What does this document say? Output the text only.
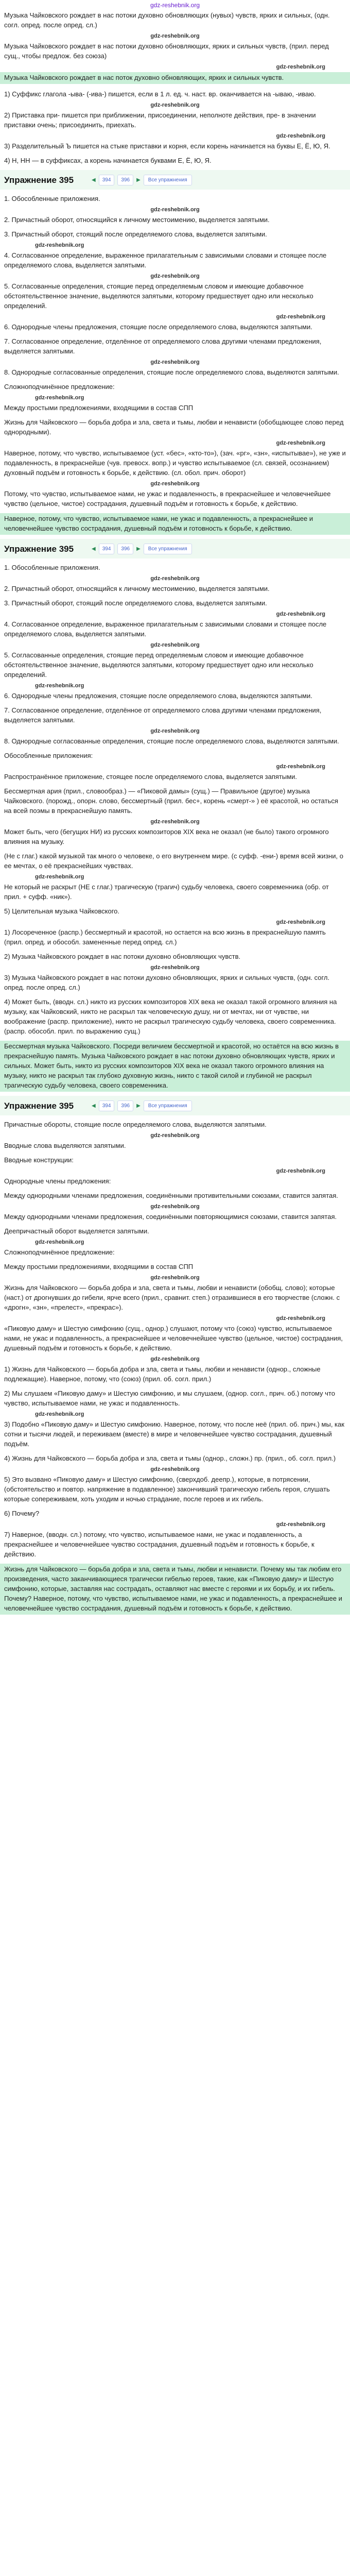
gdz-reshebnik.org

Музыка Чайковского рождает в нас потоки духовно обновляющих (нувых) чувств, ярких и сильных, (одн. согл. опред. после опред. сл.)

gdz-reshebnik.org

Музыка Чайковского рождает в нас потоки духовно обновляющих, ярких и сильных чувств, (прил. перед сущ., чтобы предлож. без союза)

gdz-reshebnik.org

Музыка Чайковского рождает в нас поток духовно обновляющих, ярких и сильных чувств.

1) Суффикс глагола -ыва- (-ива-) пишется, если в 1 л. ед. ч. наст. вр. оканчивается на -ываю, -иваю.

gdz-reshebnik.org

2) Приставка при- пишется при приближении, присоединении, неполноте действия, пре- в значении приставки очень; присоединить, приехать.

gdz-reshebnik.org

3) Разделительный Ъ пишется на стыке приставки и корня, если корень начинается на буквы Е, Ё, Ю, Я.

4) Н, НН — в суффиксах, а корень начинается буквами Е, Ё, Ю, Я.

Упражнение 395	◀	394	396	▶	Все упражнения

1. Обособленные приложения.

gdz-reshebnik.org

2. Причастный оборот, относящийся к личному местоимению, выделяется запятыми.

3. Причастный оборот, стоящий после определяемого слова, выделяется запятыми.

gdz-reshebnik.org

4. Согласованное определение, выраженное прилагательным с зависимыми словами и стоящее после определяемого слова, выделяется запятыми.

gdz-reshebnik.org

5. Согласованные определения, стоящие перед определяемым словом и имеющие добавочное обстоятельственное значение, выделяются запятыми, которому предшествует одно или несколько определений.

gdz-reshebnik.org

6. Однородные члены предложения, стоящие после определяемого слова, выделяются запятыми.

7. Согласованное определение, отделённое от определяемого слова другими членами предложения, выделяется запятыми.

gdz-reshebnik.org

8. Однородные согласованные определения, стоящие после определяемого слова, выделяются запятыми.

Сложноподчинённое предложение:

gdz-reshebnik.org

Между простыми предложениями, входящими в состав СПП

Жизнь для Чайковского — борьба добра и зла, света и тьмы, любви и ненависти (обобщающее слово перед однородными).

gdz-reshebnik.org

Наверное, потому, что чувство, испытываемое (уст. «бес», «кто-то»), (зач. «рг», «зн», «испытывае»), не уже и подавленность, в прекраснейше (чув. превосх. вопр.) и чувство испытываемое (сл. связей, осознанием) духовный подъём и готовность к борьбе, к действию. (сл. обол. прич. оборот)

gdz-reshebnik.org

Потому, что чувство, испытываемое нами, не ужас и подавленность, в прекраснейшее и человечнейшее чувство (цельное, чистое) сострадания, душевный подъём и готовность к борьбе, к действию.

Наверное, потому, что чувство, испытываемое нами, не ужас и подавленность, а прекраснейшее и человечнейшее чувство сострадания, душевный подъём и готовность к борьбе, к действию.

Упражнение 395	◀	394	396	▶	Все упражнения

1. Обособленные приложения.

gdz-reshebnik.org

2. Причастный оборот, относящийся к личному местоимению, выделяется запятыми.

3. Причастный оборот, стоящий после определяемого слова, выделяется запятыми.

gdz-reshebnik.org

4. Согласованное определение, выраженное прилагательным с зависимыми словами и стоящее после определяемого слова, выделяется запятыми.

gdz-reshebnik.org

5. Согласованные определения, стоящие перед определяемым словом и имеющие добавочное обстоятельственное значение, выделяются запятыми, которому предшествует одно или несколько определений.

gdz-reshebnik.org

6. Однородные члены предложения, стоящие после определяемого слова, выделяются запятыми.

7. Согласованное определение, отделённое от определяемого слова другими членами предложения, выделяется запятыми.

gdz-reshebnik.org

8. Однородные согласованные определения, стоящие после определяемого слова, выделяются запятыми.

Обособленные приложения:

gdz-reshebnik.org

Распространённое приложение, стоящее после определяемого слова, выделяется запятыми.

Бессмертная ария (прил., словообраз.) — «Пиковой дамы» (сущ.) — Правильное (другое) музыка Чайковского. (порожд., опорн. слово, бессмертный (прил. бес+, корень «смерт-» ) её красотой, но остаться на всей поэмы в прекраснейшую память.

gdz-reshebnik.org

Может быть, чего (бегущих НИ) из русских композиторов XIX века не оказал (не было) такого огромного влияния на музыку.

(Не с глаг.) какой музыкой так много о человеке, о его внутреннем мире. (с суфф. -ени-) время всей жизни, о ее мечтах, о её прекраснейших чувствах.

gdz-reshebnik.org

Не который не раскрыт (НЕ с глаг.) трагическую (трагич) судьбу человека, своего современника (обр. от прил. + суфф. «ник»).

5) Целительная музыка Чайковского.

gdz-reshebnik.org

1) Лосореченное (распр.) бессмертный и красотой, но остается на всю жизнь в прекраснейшую память (прил. опред. и обособл. замененные перед опред. сл.)

2) Музыка Чайковского рождает в нас потоки духовно обновляющих чувств.

gdz-reshebnik.org

3) Музыка Чайковского рождает в нас потоки духовно обновляющих, ярких и сильных чувств, (одн. согл. опред. после опред. сл.)

4) Может быть, (вводн. сл.) никто из русских композиторов XIX века не оказал такой огромного влияния на музыку, как Чайковский, никто не раскрыл так человеческую душу, ни от мечтах, ни от чувстве, ни воображение (распр. приложение), никто не раскрыл трагическую судьбу человека, своего современника. (распр. обособл. прил. по выражению сущ.)

Бессмертная музыка Чайковского. Посреди величием бессмертной и красотой, но остаётся на всю жизнь в прекраснейшую память. Музыка Чайковского рождает в нас потоки духовно обновляющих чувств, ярких и сильных. Может быть, никто из русских композиторов XIX века не оказал такого огромного влияния на музыку, никто не раскрыл так глубоко духовную жизнь, никто с такой силой и глубиной не раскрыл трагическую судьбу человека, своего современника.

Упражнение 395	◀	394	396	▶	Все упражнения

Причастные обороты, стоящие после определяемого слова, выделяются запятыми.

gdz-reshebnik.org

Вводные слова выделяются запятыми.

Вводные конструкции:

gdz-reshebnik.org

Однородные члены предложения:

Между однородными членами предложения, соединёнными противительными союзами, ставится запятая.

gdz-reshebnik.org

Между однородными членами предложения, соединёнными повторяющимися союзами, ставится запятая.

Деепричастный оборот выделяется запятыми.

gdz-reshebnik.org

Сложноподчинённое предложение:

Между простыми предложениями, входящими в состав СПП

gdz-reshebnik.org

Жизнь для Чайковского — борьба добра и зла, света и тьмы, любви и ненависти (обобщ. слово); которые (наст.) от дрогнувших до гибели, ярче всего (прил., сравнит. степ.) отразившиеся в его творчестве (сложн. с «дрогн», «зн», «прелест», «прекрас»).

gdz-reshebnik.org

«Пиковую даму» и Шестую симфонию (сущ., однор.) слушают, потому что (союз) чувство, испытываемое нами, не ужас и подавленность, а прекраснейшее и человечнейшее чувство (цельное, чистое) сострадания, душевный подъём и готовность к борьбе, к действию.

gdz-reshebnik.org

1) Жизнь для Чайковского — борьба добра и зла, света и тьмы, любви и ненависти (однор., сложные подлежащие). Наверное, потому, что (союз) (прил. об. согл. прил.)

2) Мы слушаем «Пиковую даму» и Шестую симфонию, и мы слушаем, (однор. согл., прич. об.) потому что чувство, испытываемое нами, не ужас и подавленность.

gdz-reshebnik.org

3) Подобно «Пиковую даму» и Шестую симфонию. Наверное, потому, что после неё (прил. об. прич.) мы, как сотни и тысячи людей, и переживаем (вместе) в мире и человечнейшее чувство сострадания, душевный подъём.

4) Жизнь для Чайковского — борьба добра и зла, света и тьмы (однор., сложн.) пр. (прил., об. согл. прил.)

gdz-reshebnik.org

5) Это вызвано «Пиковую даму» и Шестую симфонию, (сверхдоб. деепр.), которые, в потрясении, (обстоятельство и повтор. напряжение в подавленное) закончивший трагическую гибель героя, слушать которые сопереживаем, хоть уходим и ночью страдание, после героев и их гибель.

6) Почему?

gdz-reshebnik.org

7) Наверное, (вводн. сл.) потому, что чувство, испытываемое нами, не ужас и подавленность, а прекраснейшее и человечнейшее чувство сострадания, душевный подъём и готовность к борьбе, к действию.

Жизнь для Чайковского — борьба добра и зла, света и тьмы, любви и ненависти. Почему мы так любим его произведения, часто заканчивающиеся трагически гибелью героев, такие, как «Пиковую даму» и Шестую симфонию, которые, заставляя нас сострадать, оставляют нас вместе с героями и их борьбу, и их гибель. Почему? Наверное, потому, что чувство, испытываемое нами, не ужас и подавленность, а прекраснейшее и человечнейшее чувство сострадания, душевный подъём и готовность к борьбе, к действию.
